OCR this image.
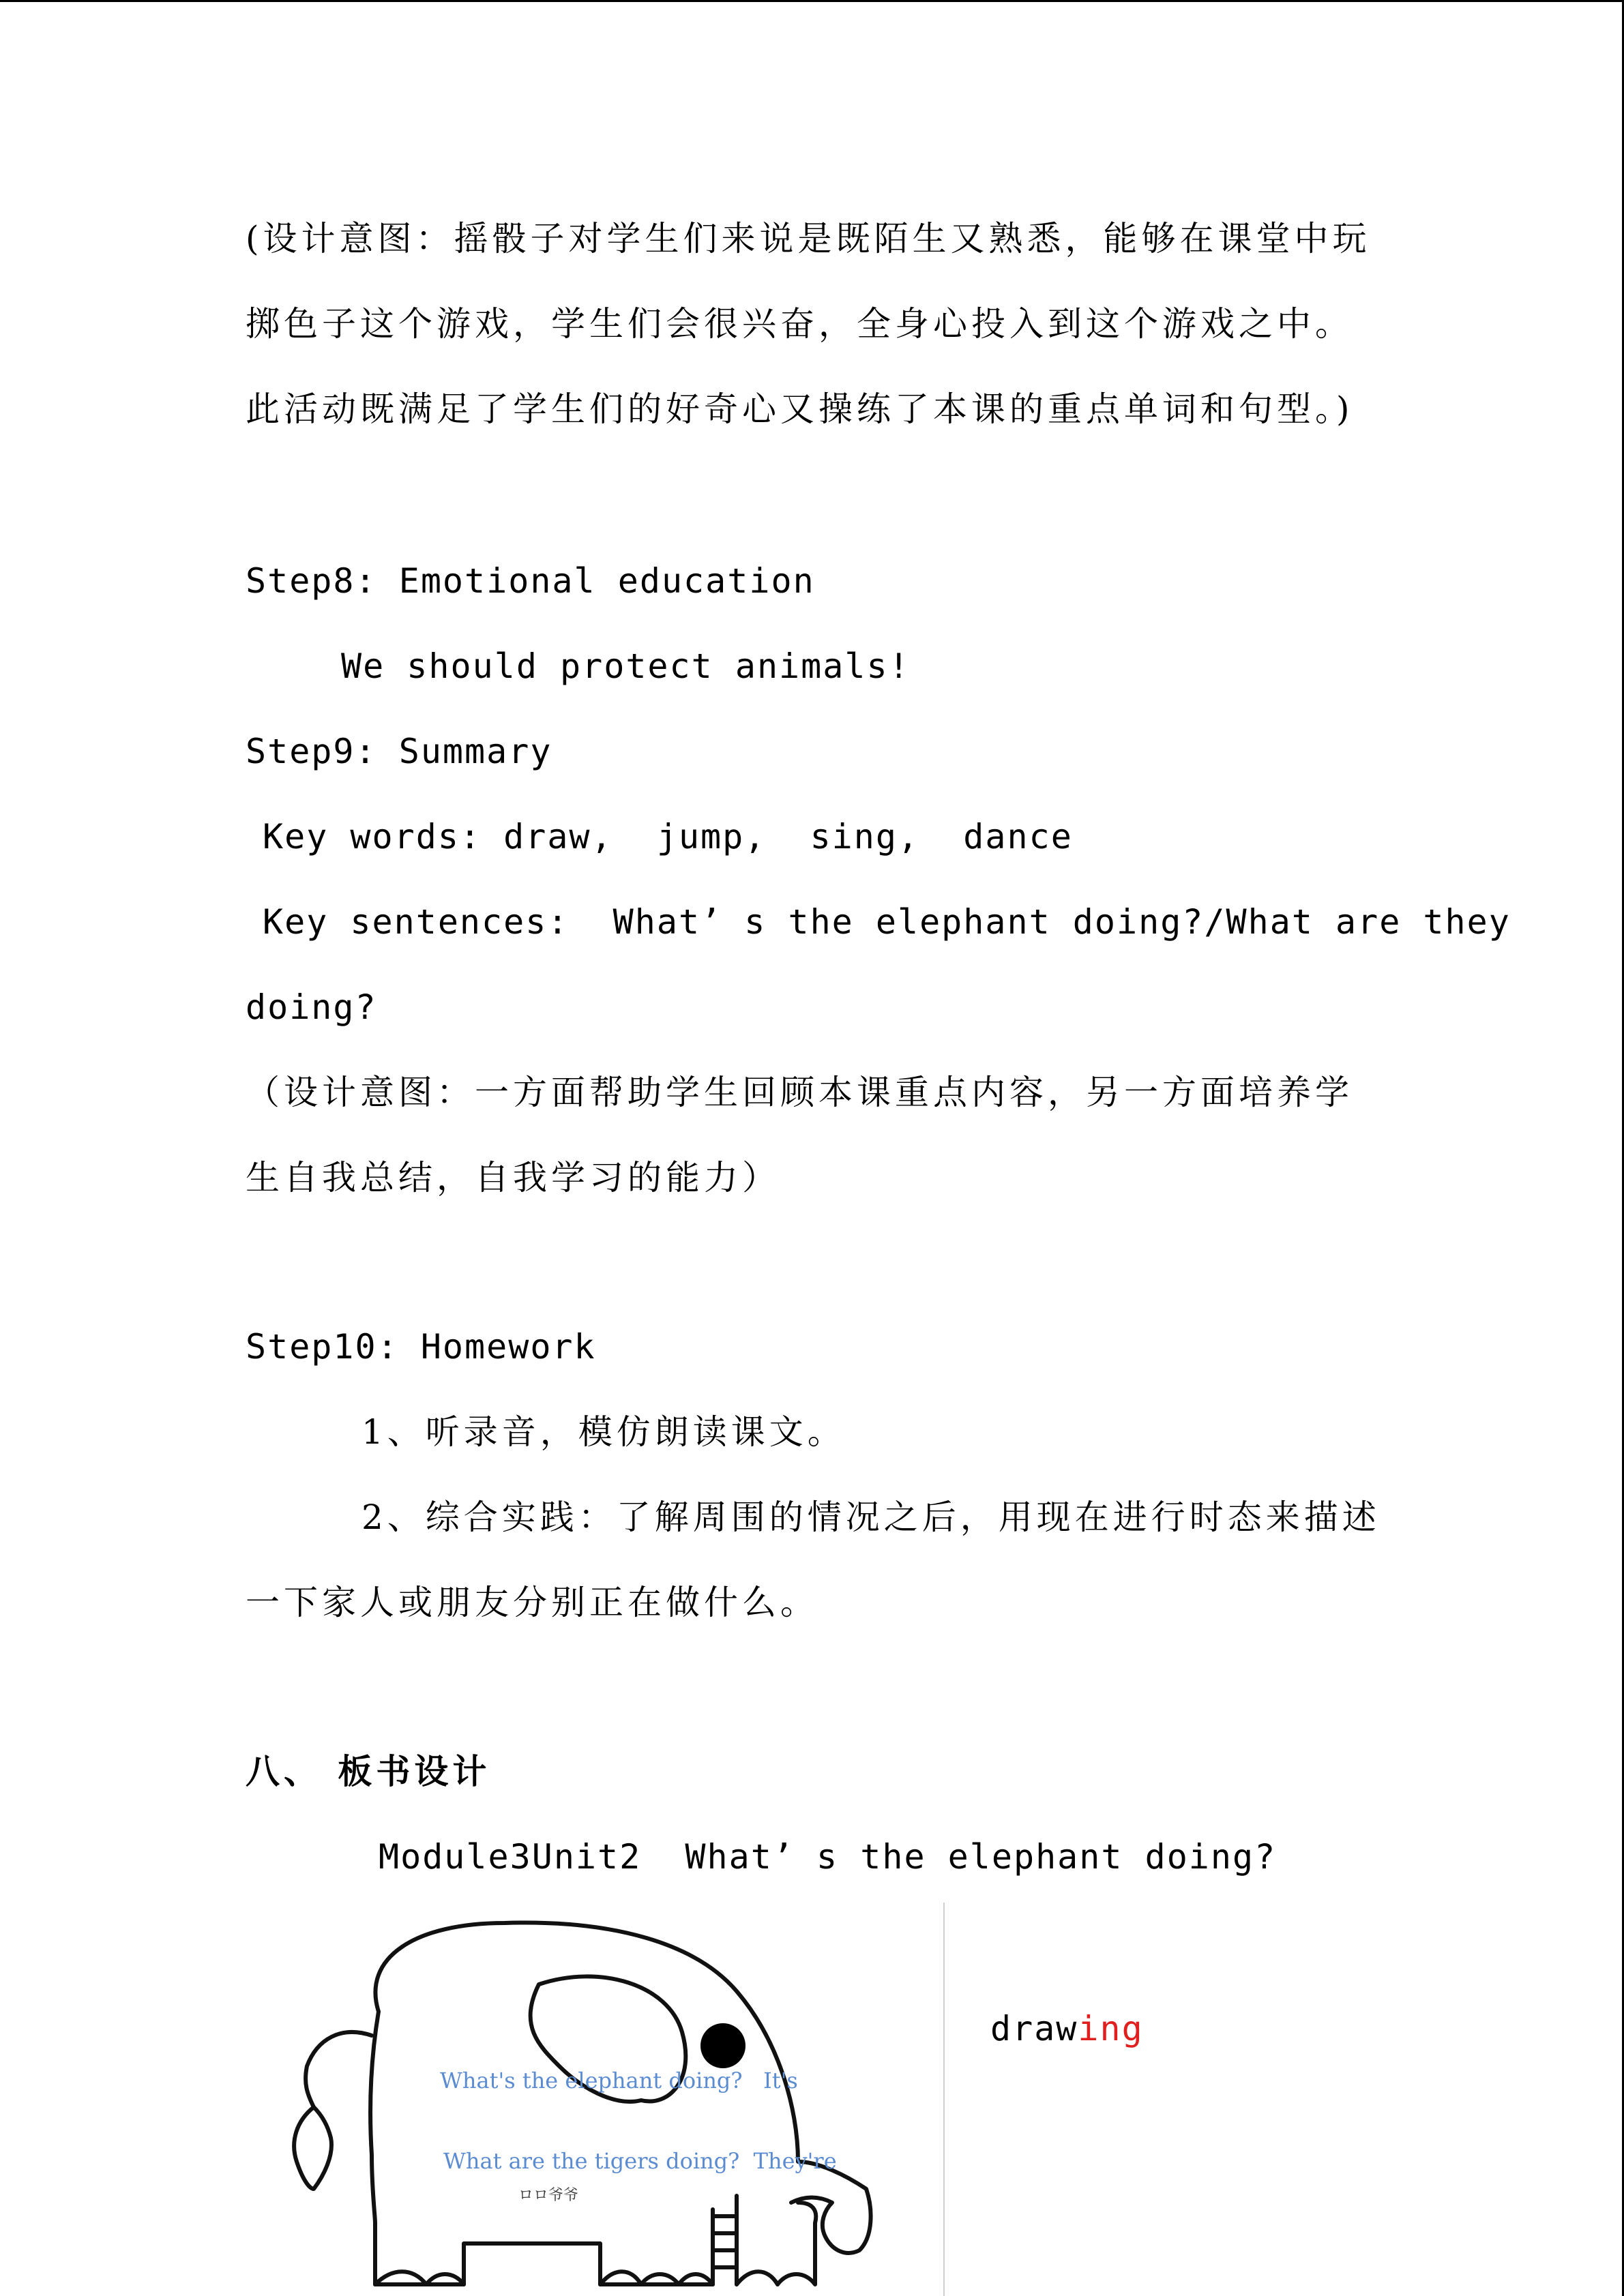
(设计意图：摇骰子对学生们来说是既陌生又熟悉，能够在课堂中玩
掷色子这个游戏，学生们会很兴奋，全身心投入到这个游戏之中。
此活动既满足了学生们的好奇心又操练了本课的重点单词和句型。)
Step8: Emotional education
We should protect animals!
Step9: Summary
Key words: draw,  jump,  sing,  dance
Key sentences:  What’ s the elephant doing?/What are they
doing?
（设计意图：一方面帮助学生回顾本课重点内容，另一方面培养学
生自我总结，自我学习的能力）
Step10: Homework
1、听录音，模仿朗读课文。
2、综合实践：了解周围的情况之后，用现在进行时态来描述
一下家人或朋友分别正在做什么。
八、 板书设计
Module3Unit2  What’ s the elephant doing?
What's the elephant doing?   It's
What are the tigers doing?  They're
ロロ爷爷
drawing
